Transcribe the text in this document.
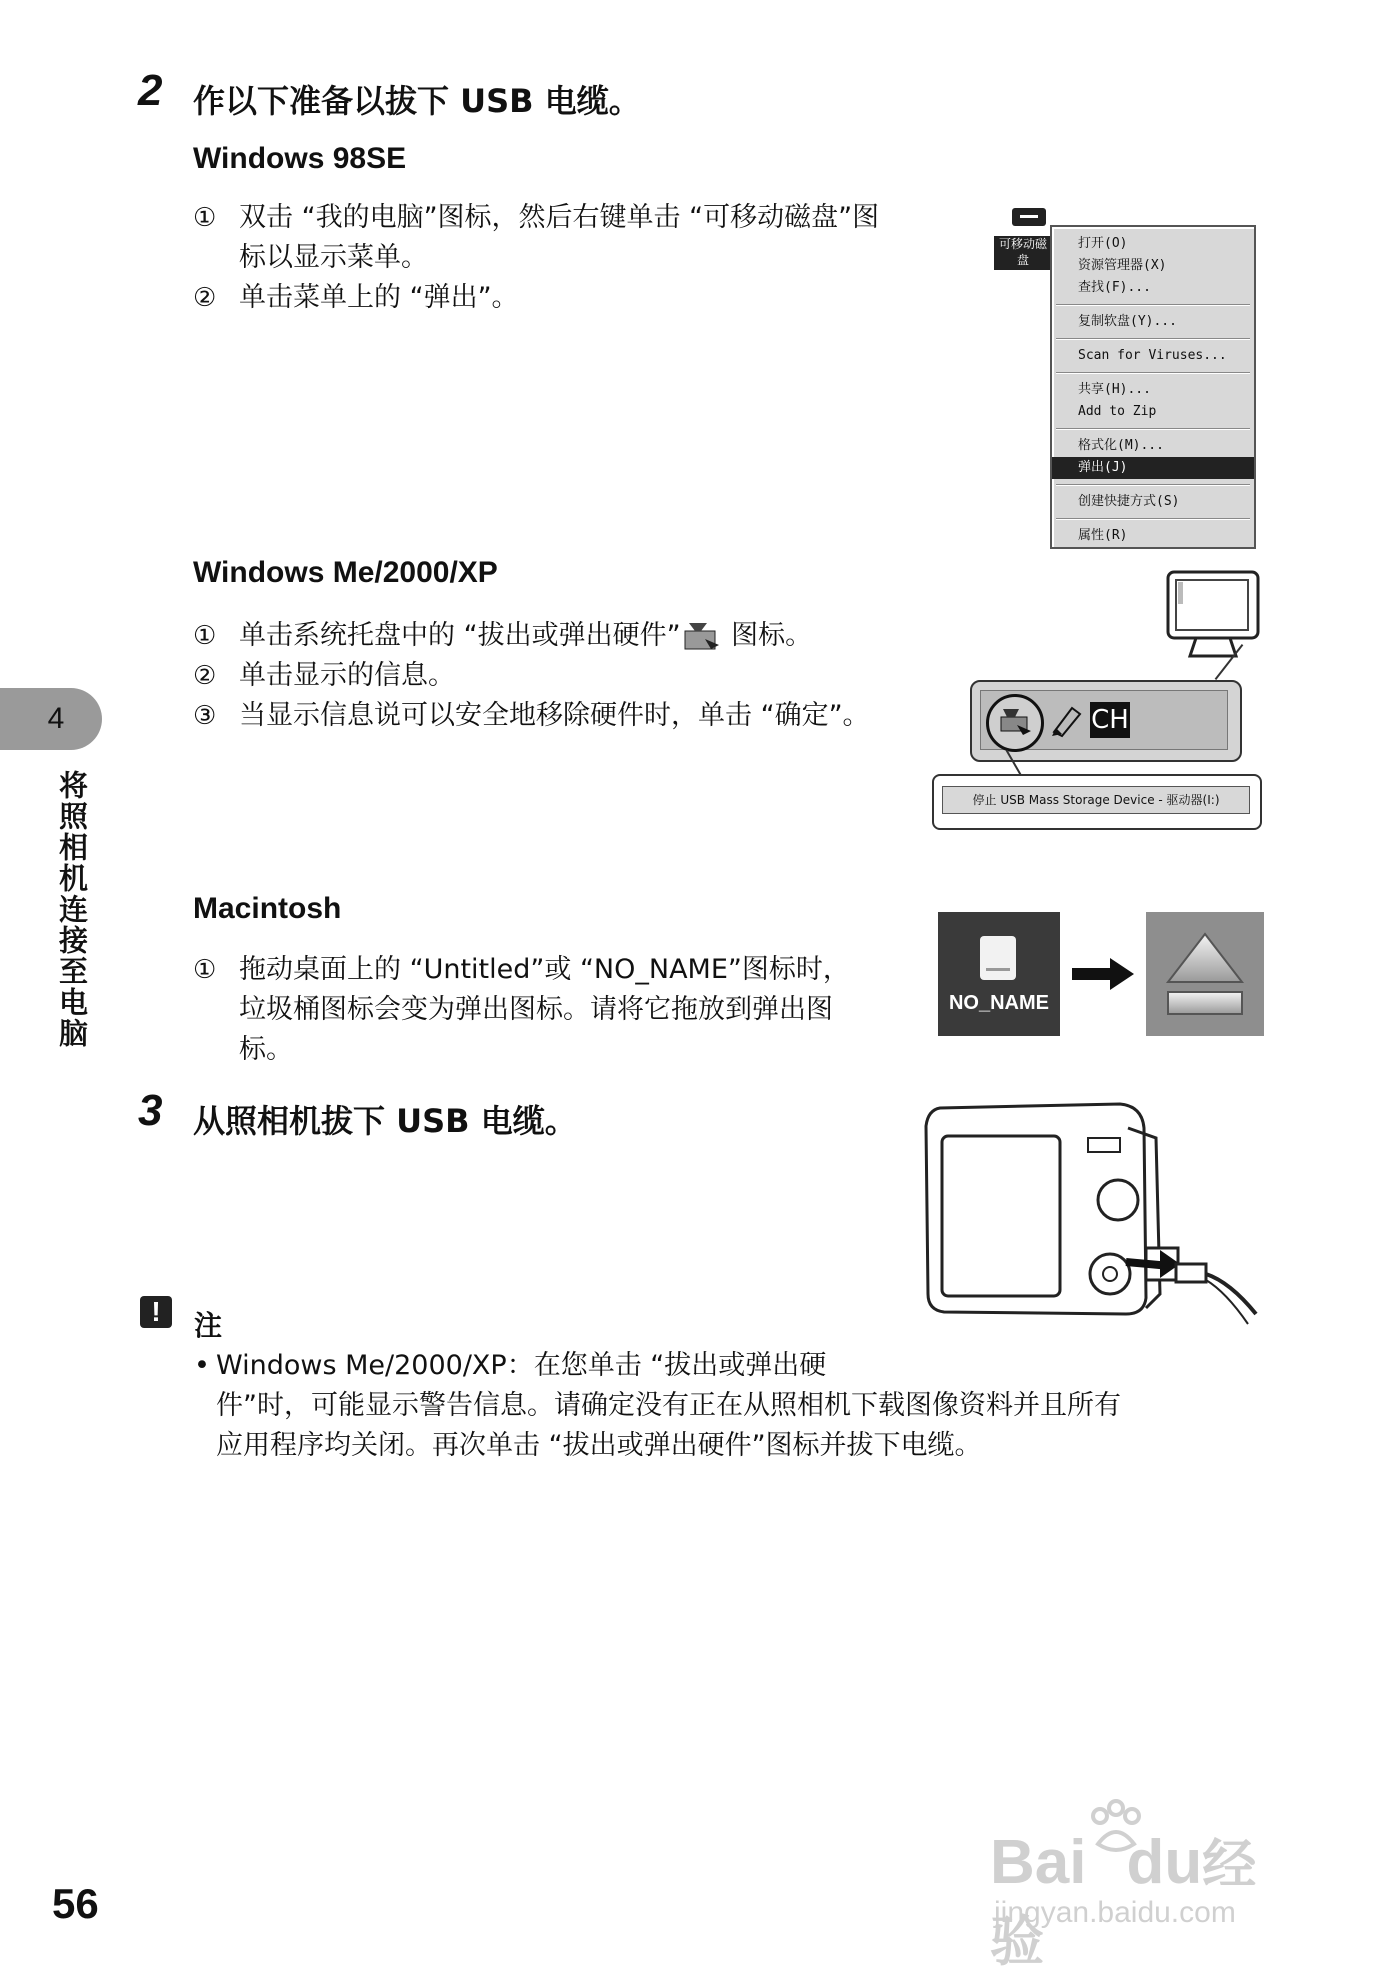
2 作以下准备以拔下 USB 电缆。
Windows 98SE
① 双击 “我的电脑”图标，然后右键单击 “可移动磁盘”图标以显示菜单。
② 单击菜单上的 “弹出”。
可移动磁盘
(E:)
打开(O)
资源管理器(X)
查找(F)...
复制软盘(Y)...
Scan for Viruses...
共享(H)...
Add to Zip
格式化(M)...
弹出(J)
创建快捷方式(S)
属性(R)
Windows Me/2000/XP
① 单击系统托盘中的 “拔出或弹出硬件” 图标。
② 单击显示的信息。
③ 当显示信息说可以安全地移除硬件时，单击 “确定”。	CH
停止 USB Mass Storage Device - 驱动器(I:)
Macintosh
① 拖动桌面上的 “Untitled”或 “NO_NAME”图标时，垃圾桶图标会变为弹出图标。请将它拖放到弹出图标。
NO_NAME
3 从照相机拔下 USB 电缆。
!	注
• Windows Me/2000/XP：在您单击 “拔出或弹出硬
件”时，可能显示警告信息。请确定没有正在从照相机下载图像资料并且所有
应用程序均关闭。再次单击 “拔出或弹出硬件”图标并拔下电缆。
4
将照相机连接至电脑
56
Bai du经验
jingyan.baidu.com
